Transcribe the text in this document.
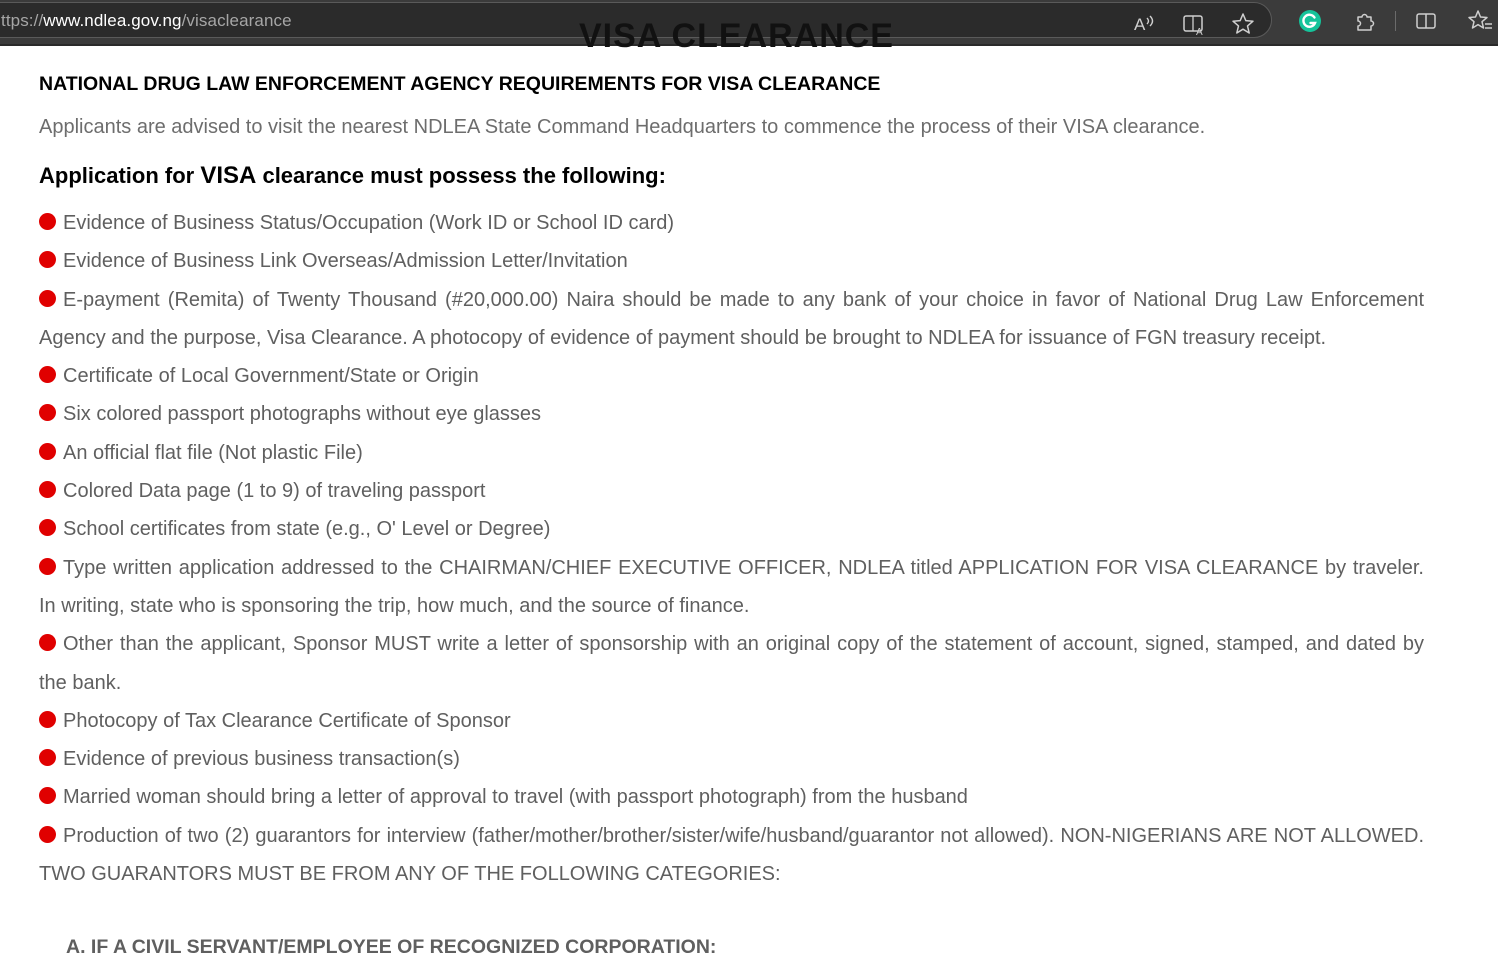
ttps://www.ndlea.gov.ng/visaclearance	A	A
VISA CLEARANCE
NATIONAL DRUG LAW ENFORCEMENT AGENCY REQUIREMENTS FOR VISA CLEARANCE
Applicants are advised to visit the nearest NDLEA State Command Headquarters to commence the process of their VISA clearance.
Application for VISA clearance must possess the following:
Evidence of Business Status/Occupation (Work ID or School ID card)
Evidence of Business Link Overseas/Admission Letter/Invitation
E-payment (Remita) of Twenty Thousand (#20,000.00) Naira should be made to any bank of your choice in favor of National Drug Law Enforcement Agency and the purpose, Visa Clearance. A photocopy of evidence of payment should be brought to NDLEA for issuance of FGN treasury receipt.
Certificate of Local Government/State or Origin
Six colored passport photographs without eye glasses
An official flat file (Not plastic File)
Colored Data page (1 to 9) of traveling passport
School certificates from state (e.g., O' Level or Degree)
Type written application addressed to the CHAIRMAN/CHIEF EXECUTIVE OFFICER, NDLEA titled APPLICATION FOR VISA CLEARANCE by traveler. In writing, state who is sponsoring the trip, how much, and the source of finance.
Other than the applicant, Sponsor MUST write a letter of sponsorship with an original copy of the statement of account, signed, stamped, and dated by the bank.
Photocopy of Tax Clearance Certificate of Sponsor
Evidence of previous business transaction(s)
Married woman should bring a letter of approval to travel (with passport photograph) from the husband
Production of two (2) guarantors for interview (father/mother/brother/sister/wife/husband/guarantor not allowed). NON-NIGERIANS ARE NOT ALLOWED. TWO GUARANTORS MUST BE FROM ANY OF THE FOLLOWING CATEGORIES:
A. IF A CIVIL SERVANT/EMPLOYEE OF RECOGNIZED CORPORATION:
